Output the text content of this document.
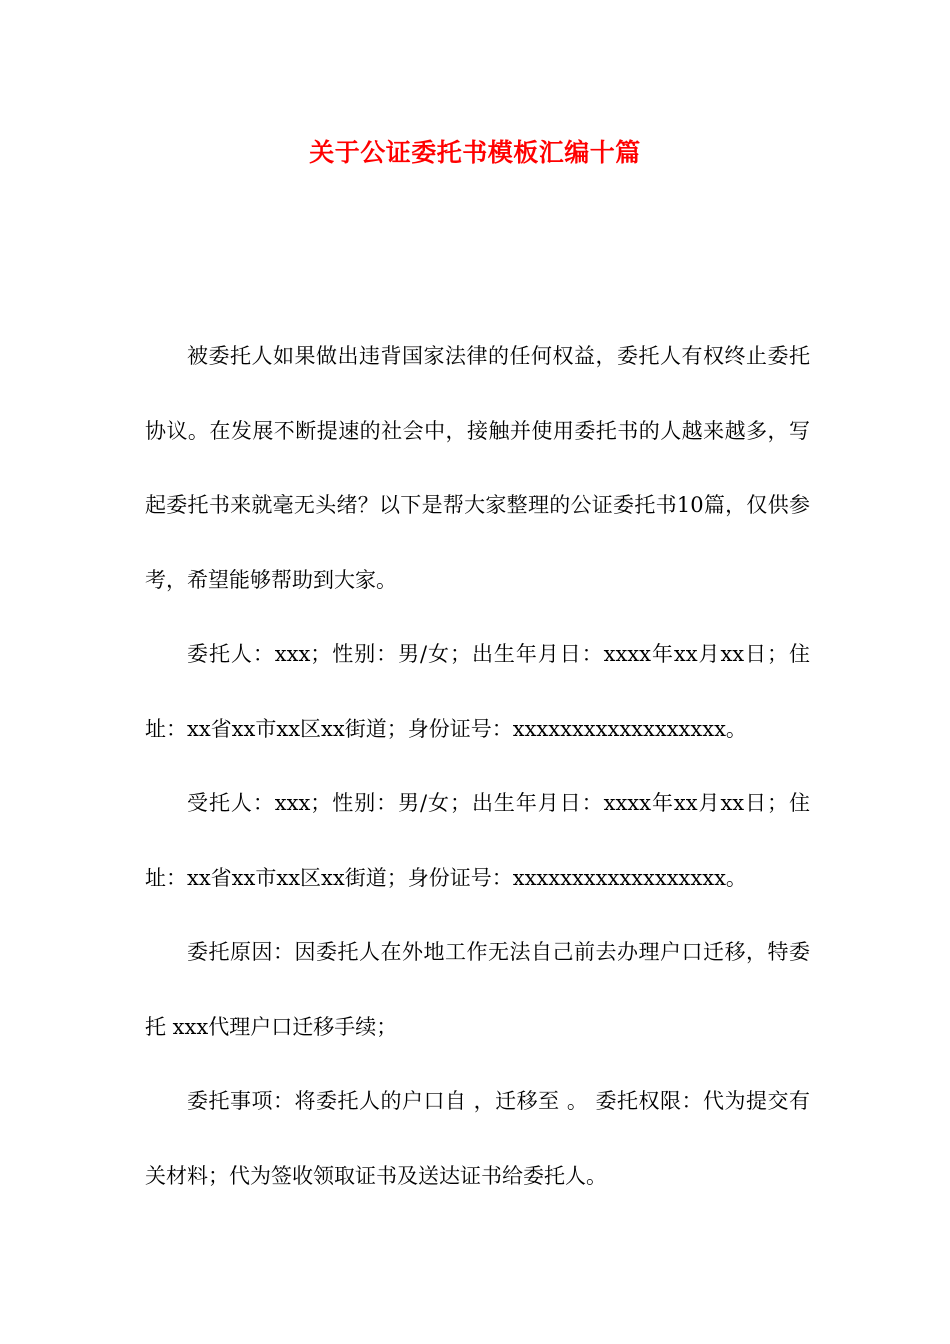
关于公证委托书模板汇编十篇

被委托人如果做出违背国家法律的任何权益，委托人有权终止委托协议。在发展不断提速的社会中，接触并使用委托书的人越来越多，写起委托书来就毫无头绪？以下是帮大家整理的公证委托书10篇，仅供参考，希望能够帮助到大家。

委托人：xxx；性别：男/女；出生年月日：xxxx年xx月xx日；住址：xx省xx市xx区xx街道；身份证号：xxxxxxxxxxxxxxxxxx。

受托人：xxx；性别：男/女；出生年月日：xxxx年xx月xx日；住址：xx省xx市xx区xx街道；身份证号：xxxxxxxxxxxxxxxxxx。

委托原因：因委托人在外地工作无法自己前去办理户口迁移，特委托 xxx代理户口迁移手续；

委托事项：将委托人的户口自 ，迁移至 。 委托权限：代为提交有关材料；代为签收领取证书及送达证书给委托人。
